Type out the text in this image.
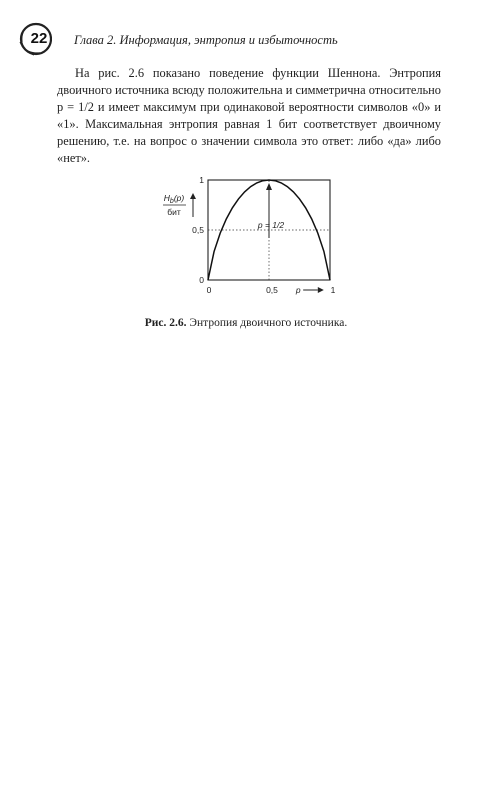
22	Глава 2. Информация, энтропия и избыточность

На рис. 2.6 показано поведение функции Шеннона. Энтропия двоичного источника всюду положительна и симметрична относительно p = 1/2 и имеет максимум при одинаковой вероятности символов «0» и «1». Максимальная энтропия равная 1 бит соответствует двоичному решению, т.е. на вопрос о значении символа это ответ: либо «да» либо «нет».

0
0,5
1
0	0,5	1
p = 1/2
$H_b(p)$
бит
p
Рис. 2.6. Энтропия двоичного источника.
